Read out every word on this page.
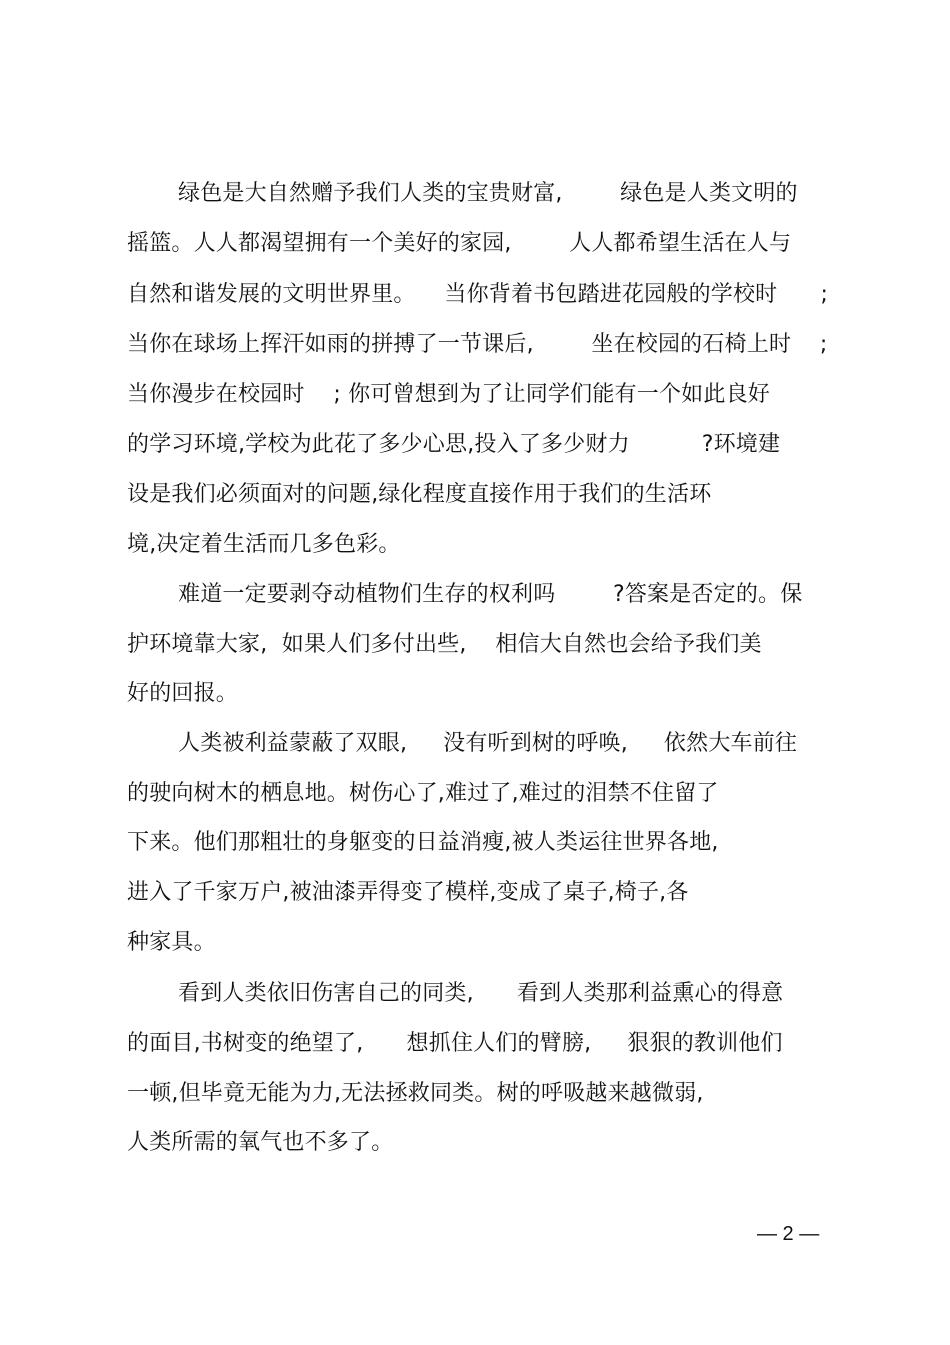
绿色是大自然赠予我们人类的宝贵财富,        绿色是人类文明的
摇篮。人人都渴望拥有一个美好的家园,        人人都希望生活在人与
自然和谐发展的文明世界里。    当你背着书包踏进花园般的学校时      ;
当你在球场上挥汗如雨的拼搏了一节课后,        坐在校园的石椅上时    ;
当你漫步在校园时    ; 你可曾想到为了让同学们能有一个如此良好
的学习环境,学校为此花了多少心思,投入了多少财力          ?环境建
设是我们必须面对的问题,绿化程度直接作用于我们的生活环
境,决定着生活而几多色彩。
难道一定要剥夺动植物们生存的权利吗        ?答案是否定的。保
护环境靠大家,  如果人们多付出些,    相信大自然也会给予我们美
好的回报。
人类被利益蒙蔽了双眼,     没有听到树的呼唤,     依然大车前往
的驶向树木的栖息地。树伤心了,难过了,难过的泪禁不住留了
下来。他们那粗壮的身躯变的日益消瘦,被人类运往世界各地,
进入了千家万户,被油漆弄得变了模样,变成了桌子,椅子,各
种家具。
看到人类依旧伤害自己的同类,      看到人类那利益熏心的得意
的面目,书树变的绝望了,      想抓住人们的臂膀,     狠狠的教训他们
一顿,但毕竟无能为力,无法拯救同类。树的呼吸越来越微弱,
人类所需的氧气也不多了。
— 2 —
